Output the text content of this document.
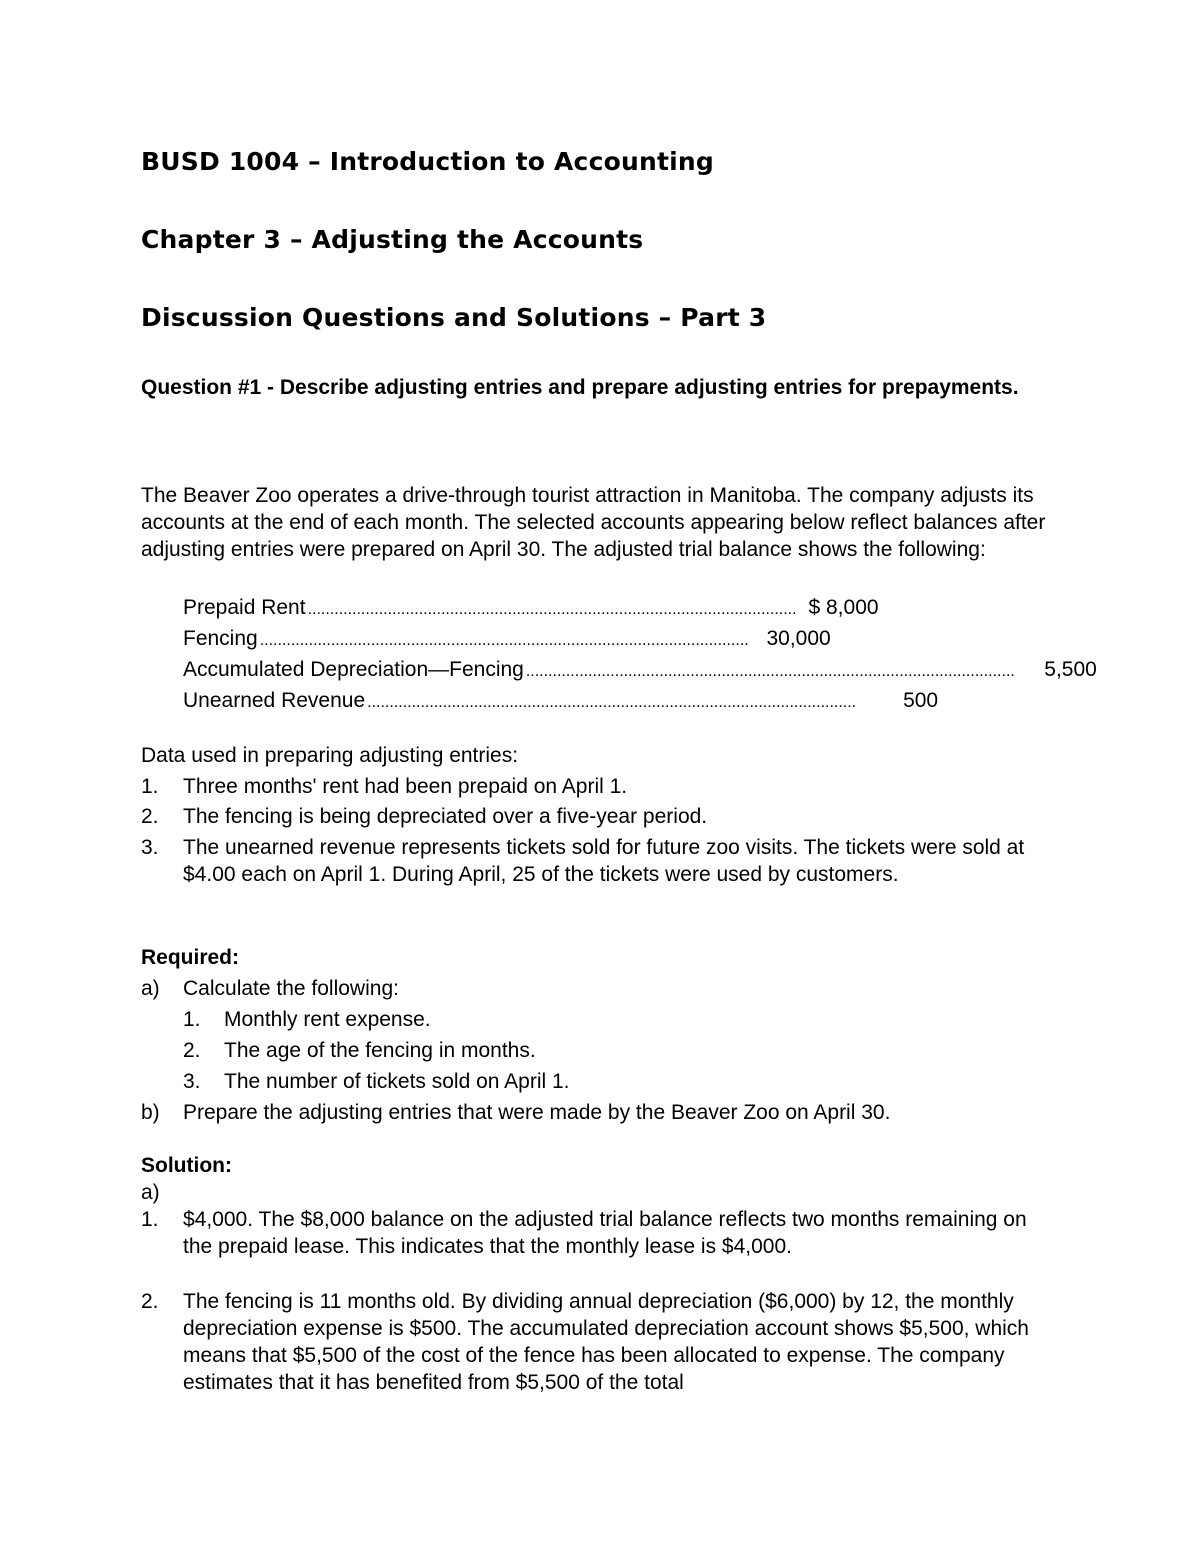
BUSD 1004 – Introduction to Accounting
Chapter 3 – Adjusting the Accounts
Discussion Questions and Solutions – Part 3
Question #1 - Describe adjusting entries and prepare adjusting entries for prepayments.
The Beaver Zoo operates a drive-through tourist attraction in Manitoba. The company adjusts its accounts at the end of each month. The selected accounts appearing below reflect balances after adjusting entries were prepared on April 30. The adjusted trial balance shows the following:
Prepaid Rent .............................................................................................................. $ 8,000
Fencing .............................................................................................................. 30,000
Accumulated Depreciation—Fencing ..............................................................................................................	5,500
Unearned Revenue ..............................................................................................................	500
Data used in preparing adjusting entries:
1. Three months' rent had been prepaid on April 1.
2. The fencing is being depreciated over a five-year period.
3. The unearned revenue represents tickets sold for future zoo visits. The tickets were sold at $4.00 each on April 1. During April, 25 of the tickets were used by customers.
Required:
a) Calculate the following:
1. Monthly rent expense.
2. The age of the fencing in months.
3. The number of tickets sold on April 1.
b) Prepare the adjusting entries that were made by the Beaver Zoo on April 30.
Solution:
a)
1. $4,000. The $8,000 balance on the adjusted trial balance reflects two months remaining on the prepaid lease. This indicates that the monthly lease is $4,000.
2. The fencing is 11 months old. By dividing annual depreciation ($6,000) by 12, the monthly depreciation expense is $500. The accumulated depreciation account shows $5,500, which means that $5,500 of the cost of the fence has been allocated to expense. The company estimates that it has benefited from $5,500 of the total
